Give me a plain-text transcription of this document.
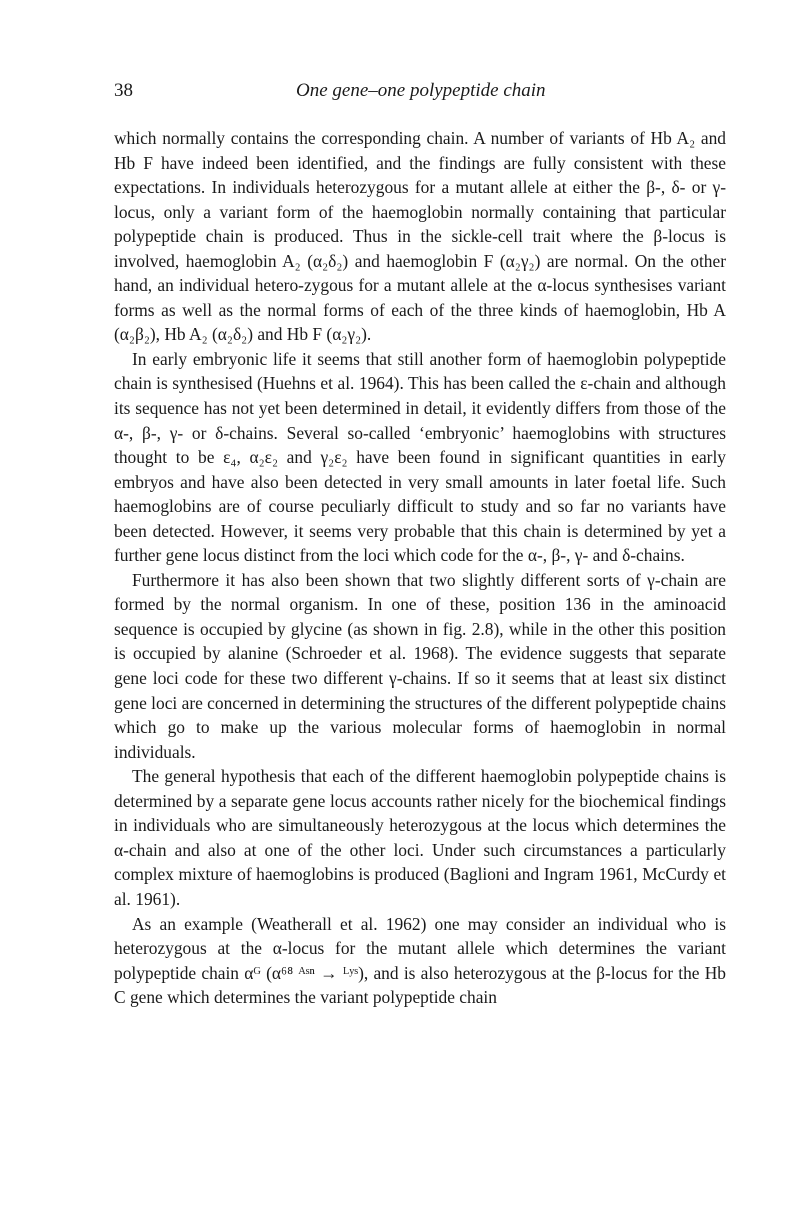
38	One gene–one polypeptide chain

which normally contains the corresponding chain. A number of variants of Hb A₂ and Hb F have indeed been identified, and the findings are fully consistent with these expectations. In individuals heterozygous for a mutant allele at either the β-, δ- or γ-locus, only a variant form of the haemoglobin normally containing that particular polypeptide chain is produced. Thus in the sickle-cell trait where the β-locus is involved, haemoglobin A₂ (α₂δ₂) and haemoglobin F (α₂γ₂) are normal. On the other hand, an individual hetero-zygous for a mutant allele at the α-locus synthesises variant forms as well as the normal forms of each of the three kinds of haemoglobin, Hb A (α₂β₂), Hb A₂ (α₂δ₂) and Hb F (α₂γ₂).

In early embryonic life it seems that still another form of haemoglobin polypeptide chain is synthesised (Huehns et al. 1964). This has been called the ε-chain and although its sequence has not yet been determined in detail, it evidently differs from those of the α-, β-, γ- or δ-chains. Several so-called ‘embryonic’ haemoglobins with structures thought to be ε₄, α₂ε₂ and γ₂ε₂ have been found in significant quantities in early embryos and have also been detected in very small amounts in later foetal life. Such haemoglobins are of course peculiarly difficult to study and so far no variants have been detected. However, it seems very probable that this chain is determined by yet a further gene locus distinct from the loci which code for the α-, β-, γ- and δ-chains.

Furthermore it has also been shown that two slightly different sorts of γ-chain are formed by the normal organism. In one of these, position 136 in the aminoacid sequence is occupied by glycine (as shown in fig. 2.8), while in the other this position is occupied by alanine (Schroeder et al. 1968). The evidence suggests that separate gene loci code for these two different γ-chains. If so it seems that at least six distinct gene loci are concerned in determining the structures of the different polypeptide chains which go to make up the various molecular forms of haemoglobin in normal individuals.

The general hypothesis that each of the different haemoglobin polypeptide chains is determined by a separate gene locus accounts rather nicely for the biochemical findings in individuals who are simultaneously heterozygous at the locus which determines the α-chain and also at one of the other loci. Under such circumstances a particularly complex mixture of haemoglobins is produced (Baglioni and Ingram 1961, McCurdy et al. 1961).

As an example (Weatherall et al. 1962) one may consider an individual who is heterozygous at the α-locus for the mutant allele which determines the variant polypeptide chain αᴳ (α⁶⁸ ᴬˢⁿ → ᴸʸˢ), and is also heterozygous at the β-locus for the Hb C gene which determines the variant polypeptide chain
